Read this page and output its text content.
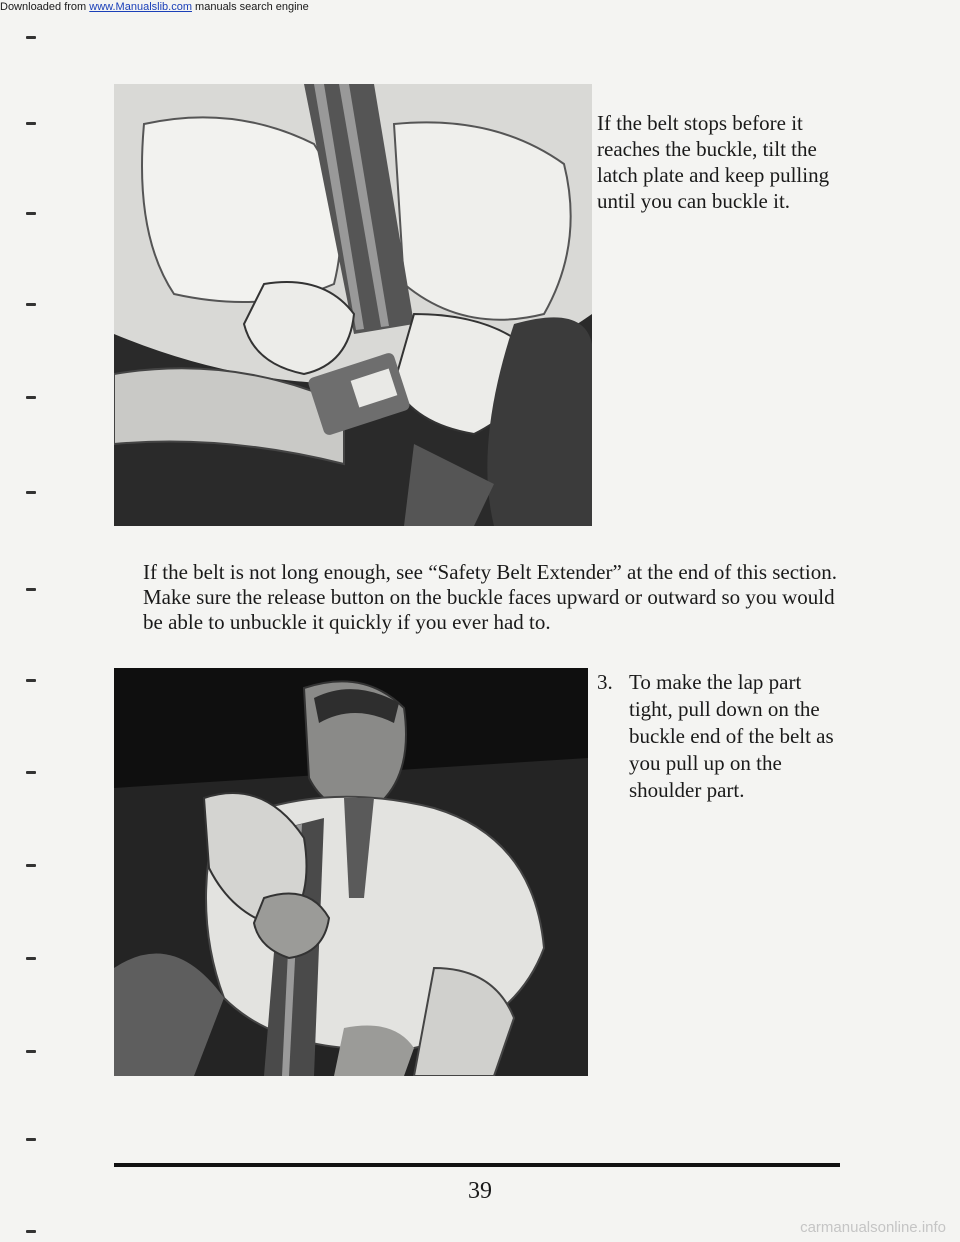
Downloaded from www.Manualslib.com manuals search engine

If the belt stops before it reaches the buckle, tilt the latch plate and keep pulling until you can buckle it.

If the belt is not long enough, see “Safety Belt Extender” at the end of this section. Make sure the release button on the buckle faces upward or outward so you would be able to unbuckle it quickly if you ever had to.

3. To make the lap part tight, pull down on the buckle end of the belt as you pull up on the shoulder part.

39

carmanualsonline.info
